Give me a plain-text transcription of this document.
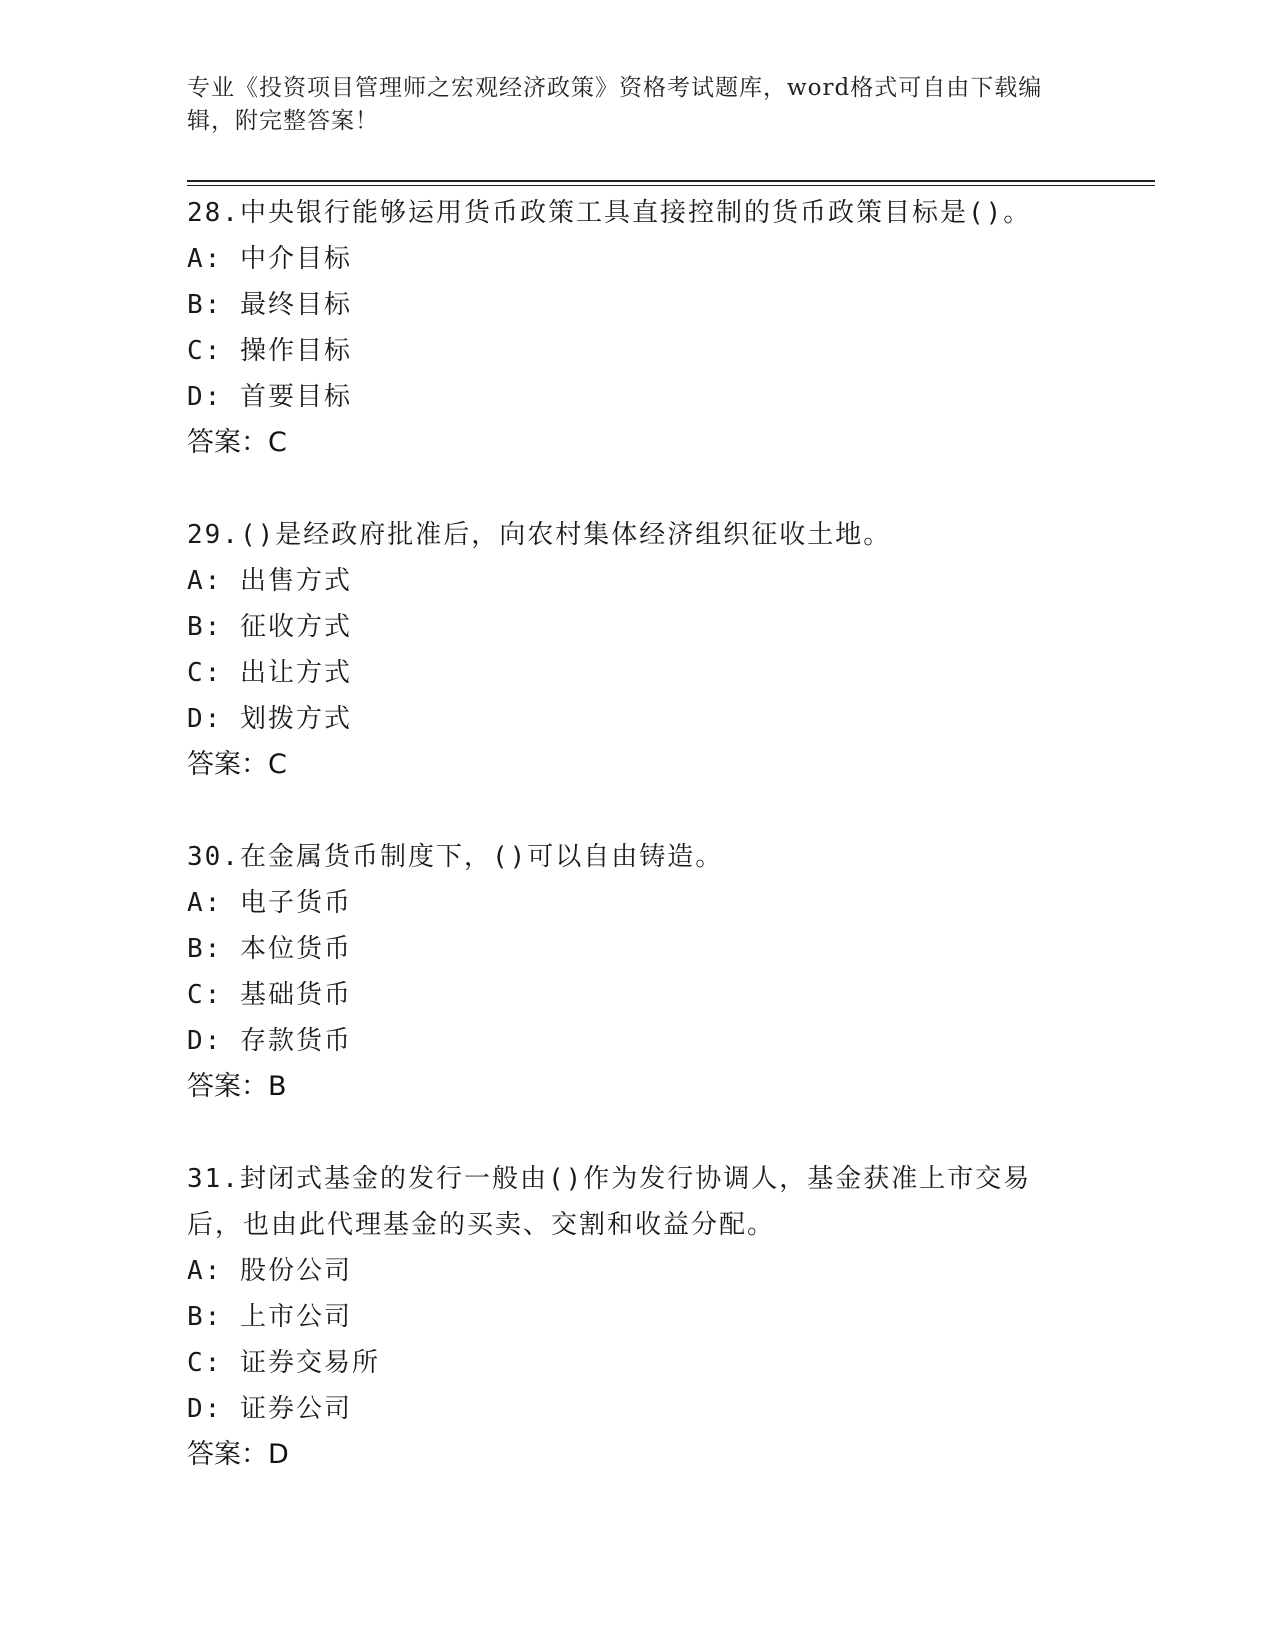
专业《投资项目管理师之宏观经济政策》资格考试题库，word格式可自由下载编辑，附完整答案！
28.中央银行能够运用货币政策工具直接控制的货币政策目标是()。
A: 中介目标
B: 最终目标
C: 操作目标
D: 首要目标
答案：C
29.()是经政府批准后，向农村集体经济组织征收土地。
A: 出售方式
B: 征收方式
C: 出让方式
D: 划拨方式
答案：C
30.在金属货币制度下，()可以自由铸造。
A: 电子货币
B: 本位货币
C: 基础货币
D: 存款货币
答案：B
31.封闭式基金的发行一般由()作为发行协调人，基金获准上市交易后，也由此代理基金的买卖、交割和收益分配。
A: 股份公司
B: 上市公司
C: 证券交易所
D: 证券公司
答案：D
